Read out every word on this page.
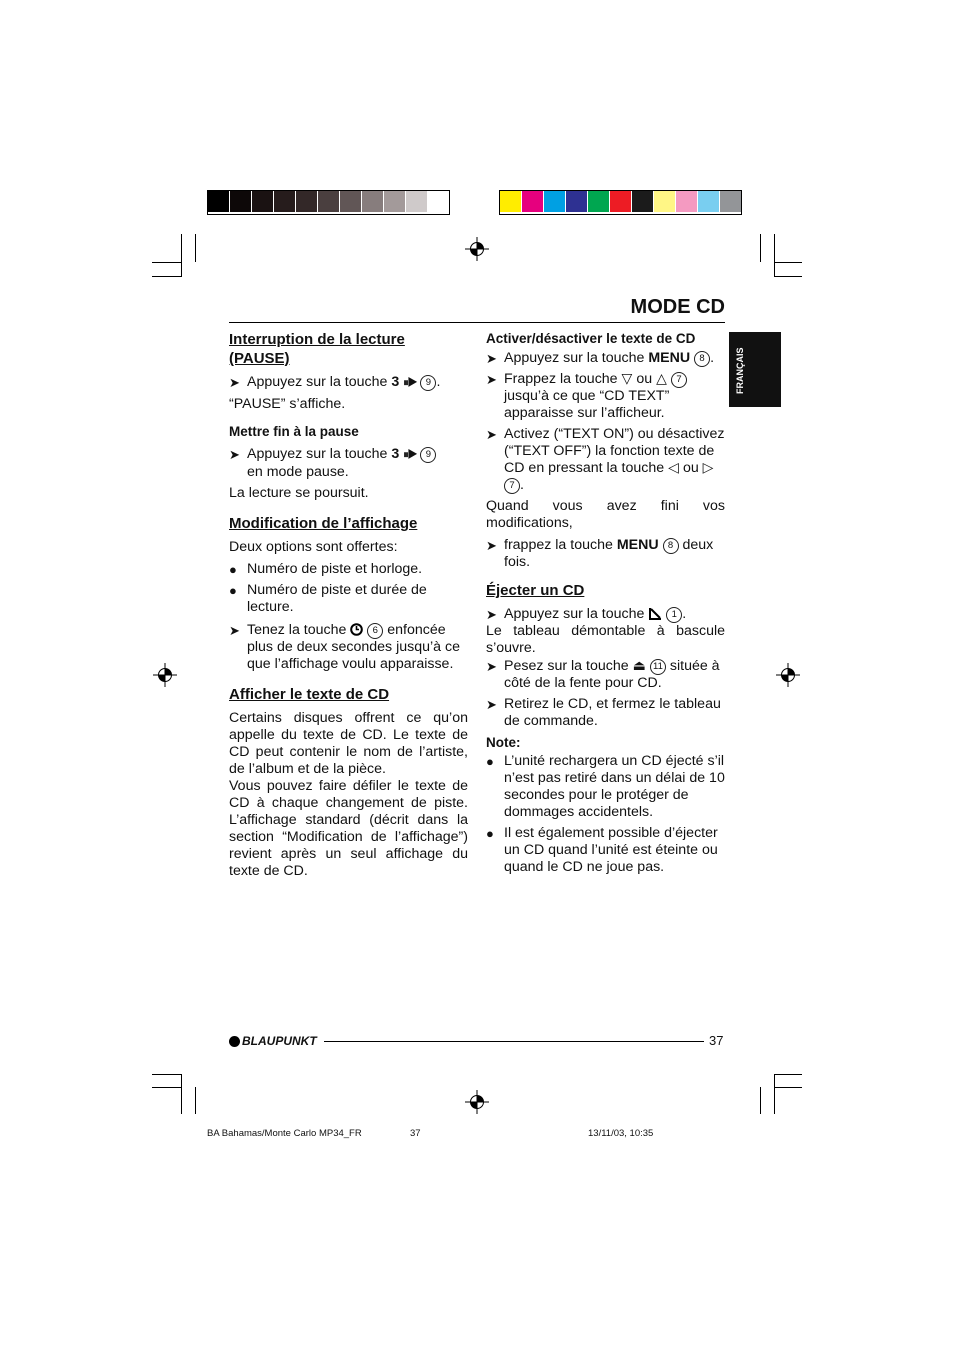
MODE CD
FRANÇAIS
Interruption de la lecture
(PAUSE)
➤ Appuyez sur la touche 3 ⏸▶ 9 .

“PAUSE” s’affiche.

Mettre fin à la pause
➤ Appuyez sur la touche 3 ⏸▶ 9
en mode pause.

La lecture se poursuit.

Modification de l’affichage

Deux options sont offertes:

● Numéro de piste et horloge.
● Numéro de piste et durée de lecture.
➤ Tenez la touche	6 enfoncée plus de deux secondes jusqu’à ce que l’affichage voulu apparaisse.
Afficher le texte de CD

Certains disques offrent ce qu’on appelle du texte de CD. Le texte de CD peut contenir le nom de l’artiste, de l’album et de la pièce.

Vous pouvez faire défiler le texte de CD à chaque changement de piste. L’affichage standard (décrit dans la section “Modification de l’affichage”) revient après un seul affichage du texte de CD.

Activer/désactiver le texte de CD
➤ Appuyez sur la touche MENU 8 .
➤ Frappez la touche ▽ ou △ 7 jusqu’à ce que “CD TEXT” apparaisse sur l’afficheur.
➤ Activez (“TEXT ON”) ou désactivez (“TEXT OFF”) la fonction texte de CD en pressant la touche ◁ ou ▷ 7 .

Quand vous avez fini vos modifications,

➤ frappez la touche MENU 8 deux fois.
Éjecter un CD
➤ Appuyez sur la touche	1 .

Le tableau démontable à bascule s’ouvre.

➤ Pesez sur la touche ⏏ 11 située à côté de la fente pour CD.
➤ Retirez le CD, et fermez le tableau de commande.
Note:
● L’unité rechargera un CD éjecté s’il n’est pas retiré dans un délai de 10 secondes pour le protéger de dommages accidentels.
● Il est également possible d’éjecter un CD quand l’unité est éteinte ou quand le CD ne joue pas.
BLAUPUNKT	37
BA Bahamas/Monte Carlo MP34_FR	37	13/11/03, 10:35
